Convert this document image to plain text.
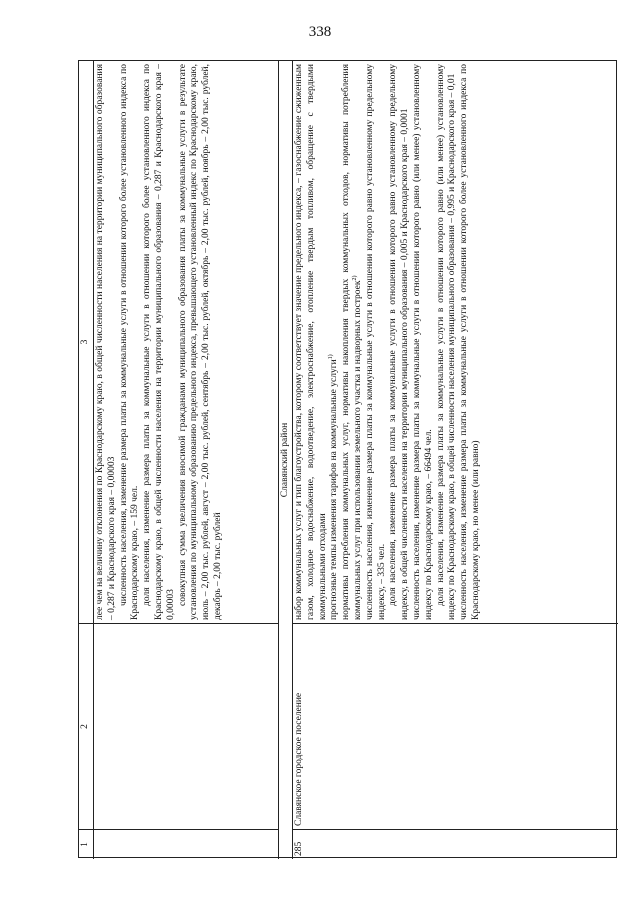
338
1
2
3 лее чем на величину отклонения по Краснодарскому краю, в общей численности населения на территории муниципального образования – 0,287 и Краснодарского края – 0,00003 численность населения, изменение размера платы за коммунальные услуги в отношении которого более установленного индекса по Краснодарскому краю, – 159 чел. доля населения, изменение размера платы за коммунальные услуги в отношении которого более установленного индекса по Краснодарскому краю, в общей численности населения на территории муниципального образования – 0,287 и Краснодарского края – 0,00003 совокупная сумма увеличения вносимой гражданами муниципального образования платы за коммунальные услуги в результате установления по муниципальному образованию предельного индекса, превышающего установленный индекс по Краснодарскому краю, июль – 2,00 тыс. рублей, август – 2,00 тыс. рублей, сентябрь – 2,00 тыс. рублей, октябрь – 2,00 тыс. рублей, ноябрь – 2,00 тыс. рублей, декабрь – 2,00 тыс. рублей

Славянский район
285
Славянское городское поселение

набор коммунальных услуг и тип благоустройства, которому соответствует значение предельного индекса, – газоснабжение сжиженным газом, холодное водоснабжение, водоотведение, электроснабжение, отопление твердым топливом, обращение с твердыми коммунальными отходами прогнозные темпы изменения тарифов на коммунальные услуги$^{1)}$ нормативы потребления коммунальных услуг, нормативы накопления твердых коммунальных отходов, нормативы потребления коммунальных услуг при использовании земельного участка и надворных построек$^{2)}$ численность населения, изменение размера платы за коммунальные услуги в отношении которого равно установленному предельному индексу, – 335 чел. доля населения, изменение размера платы за коммунальные услуги в отношении которого равно установленному предельному индексу, в общей численности населения на территории муниципального образования – 0,005 и Краснодарского края – 0,0001 численность населения, изменение размера платы за коммунальные услуги в отношении которого равно (или менее) установленному индексу по Краснодарскому краю, – 66494 чел. доля населения, изменение размера платы за коммунальные услуги в отношении которого равно (или менее) установленному индексу по Краснодарскому краю, в общей численности населения муниципального образования – 0,995 и Краснодарского края – 0,01 численность населения, изменение размера платы за коммунальные услуги в отношении которого более установленного индекса по Краснодарскому краю, но менее (или равно)
